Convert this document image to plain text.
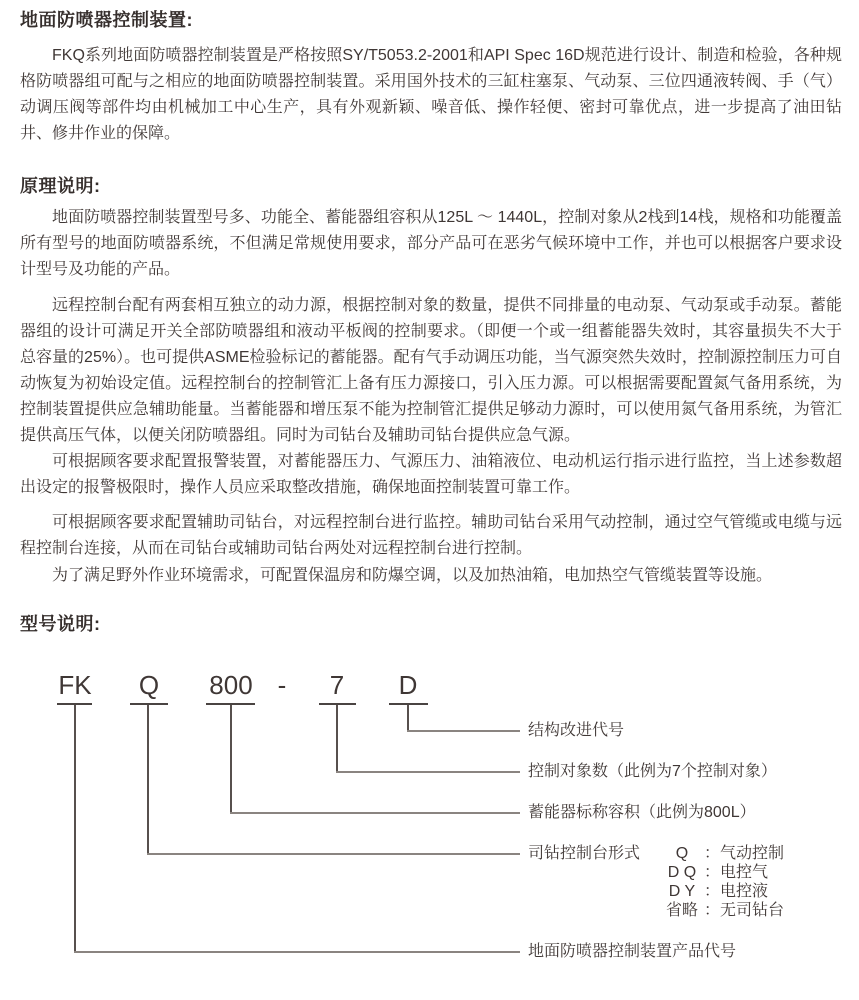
地面防喷器控制装置:
FKQ系列地面防喷器控制装置是严格按照SY/T5053.2-2001和API Spec 16D规范进行设计、制造和检验，各种规格防喷器组可配与之相应的地面防喷器控制装置。采用国外技术的三缸柱塞泵、气动泵、三位四通液转阀、手（气）动调压阀等部件均由机械加工中心生产，具有外观新颖、噪音低、操作轻便、密封可靠优点，进一步提高了油田钻井、修井作业的保障。
原理说明:
地面防喷器控制装置型号多、功能全、蓄能器组容积从125L ～ 1440L，控制对象从2栈到14栈，规格和功能覆盖所有型号的地面防喷器系统，不但满足常规使用要求，部分产品可在恶劣气候环境中工作，并也可以根据客户要求设计型号及功能的产品。
远程控制台配有两套相互独立的动力源，根据控制对象的数量，提供不同排量的电动泵、气动泵或手动泵。蓄能器组的设计可满足开关全部防喷器组和液动平板阀的控制要求。（即便一个或一组蓄能器失效时，其容量损失不大于总容量的25%）。也可提供ASME检验标记的蓄能器。配有气手动调压功能，当气源突然失效时，控制源控制压力可自动恢复为初始设定值。远程控制台的控制管汇上备有压力源接口，引入压力源。可以根据需要配置氮气备用系统，为控制装置提供应急辅助能量。当蓄能器和增压泵不能为控制管汇提供足够动力源时，可以使用氮气备用系统，为管汇提供高压气体，以便关闭防喷器组。同时为司钻台及辅助司钻台提供应急气源。
可根据顾客要求配置报警装置，对蓄能器压力、气源压力、油箱液位、电动机运行指示进行监控，当上述参数超出设定的报警极限时，操作人员应采取整改措施，确保地面控制装置可靠工作。
可根据顾客要求配置辅助司钻台，对远程控制台进行监控。辅助司钻台采用气动控制，通过空气管缆或电缆与远程控制台连接，从而在司钻台或辅助司钻台两处对远程控制台进行控制。
为了满足野外作业环境需求，可配置保温房和防爆空调，以及加热油箱，电加热空气管缆装置等设施。
型号说明:
FK Q 800 - 7 D
结构改进代号
控制对象数（此例为7个控制对象）
蓄能器标称容积（此例为800L）
司钻控制台形式
地面防喷器控制装置产品代号
Q ：气动控制
D Q ：电控气
D Y ：电控液
省略 ：无司钻台
